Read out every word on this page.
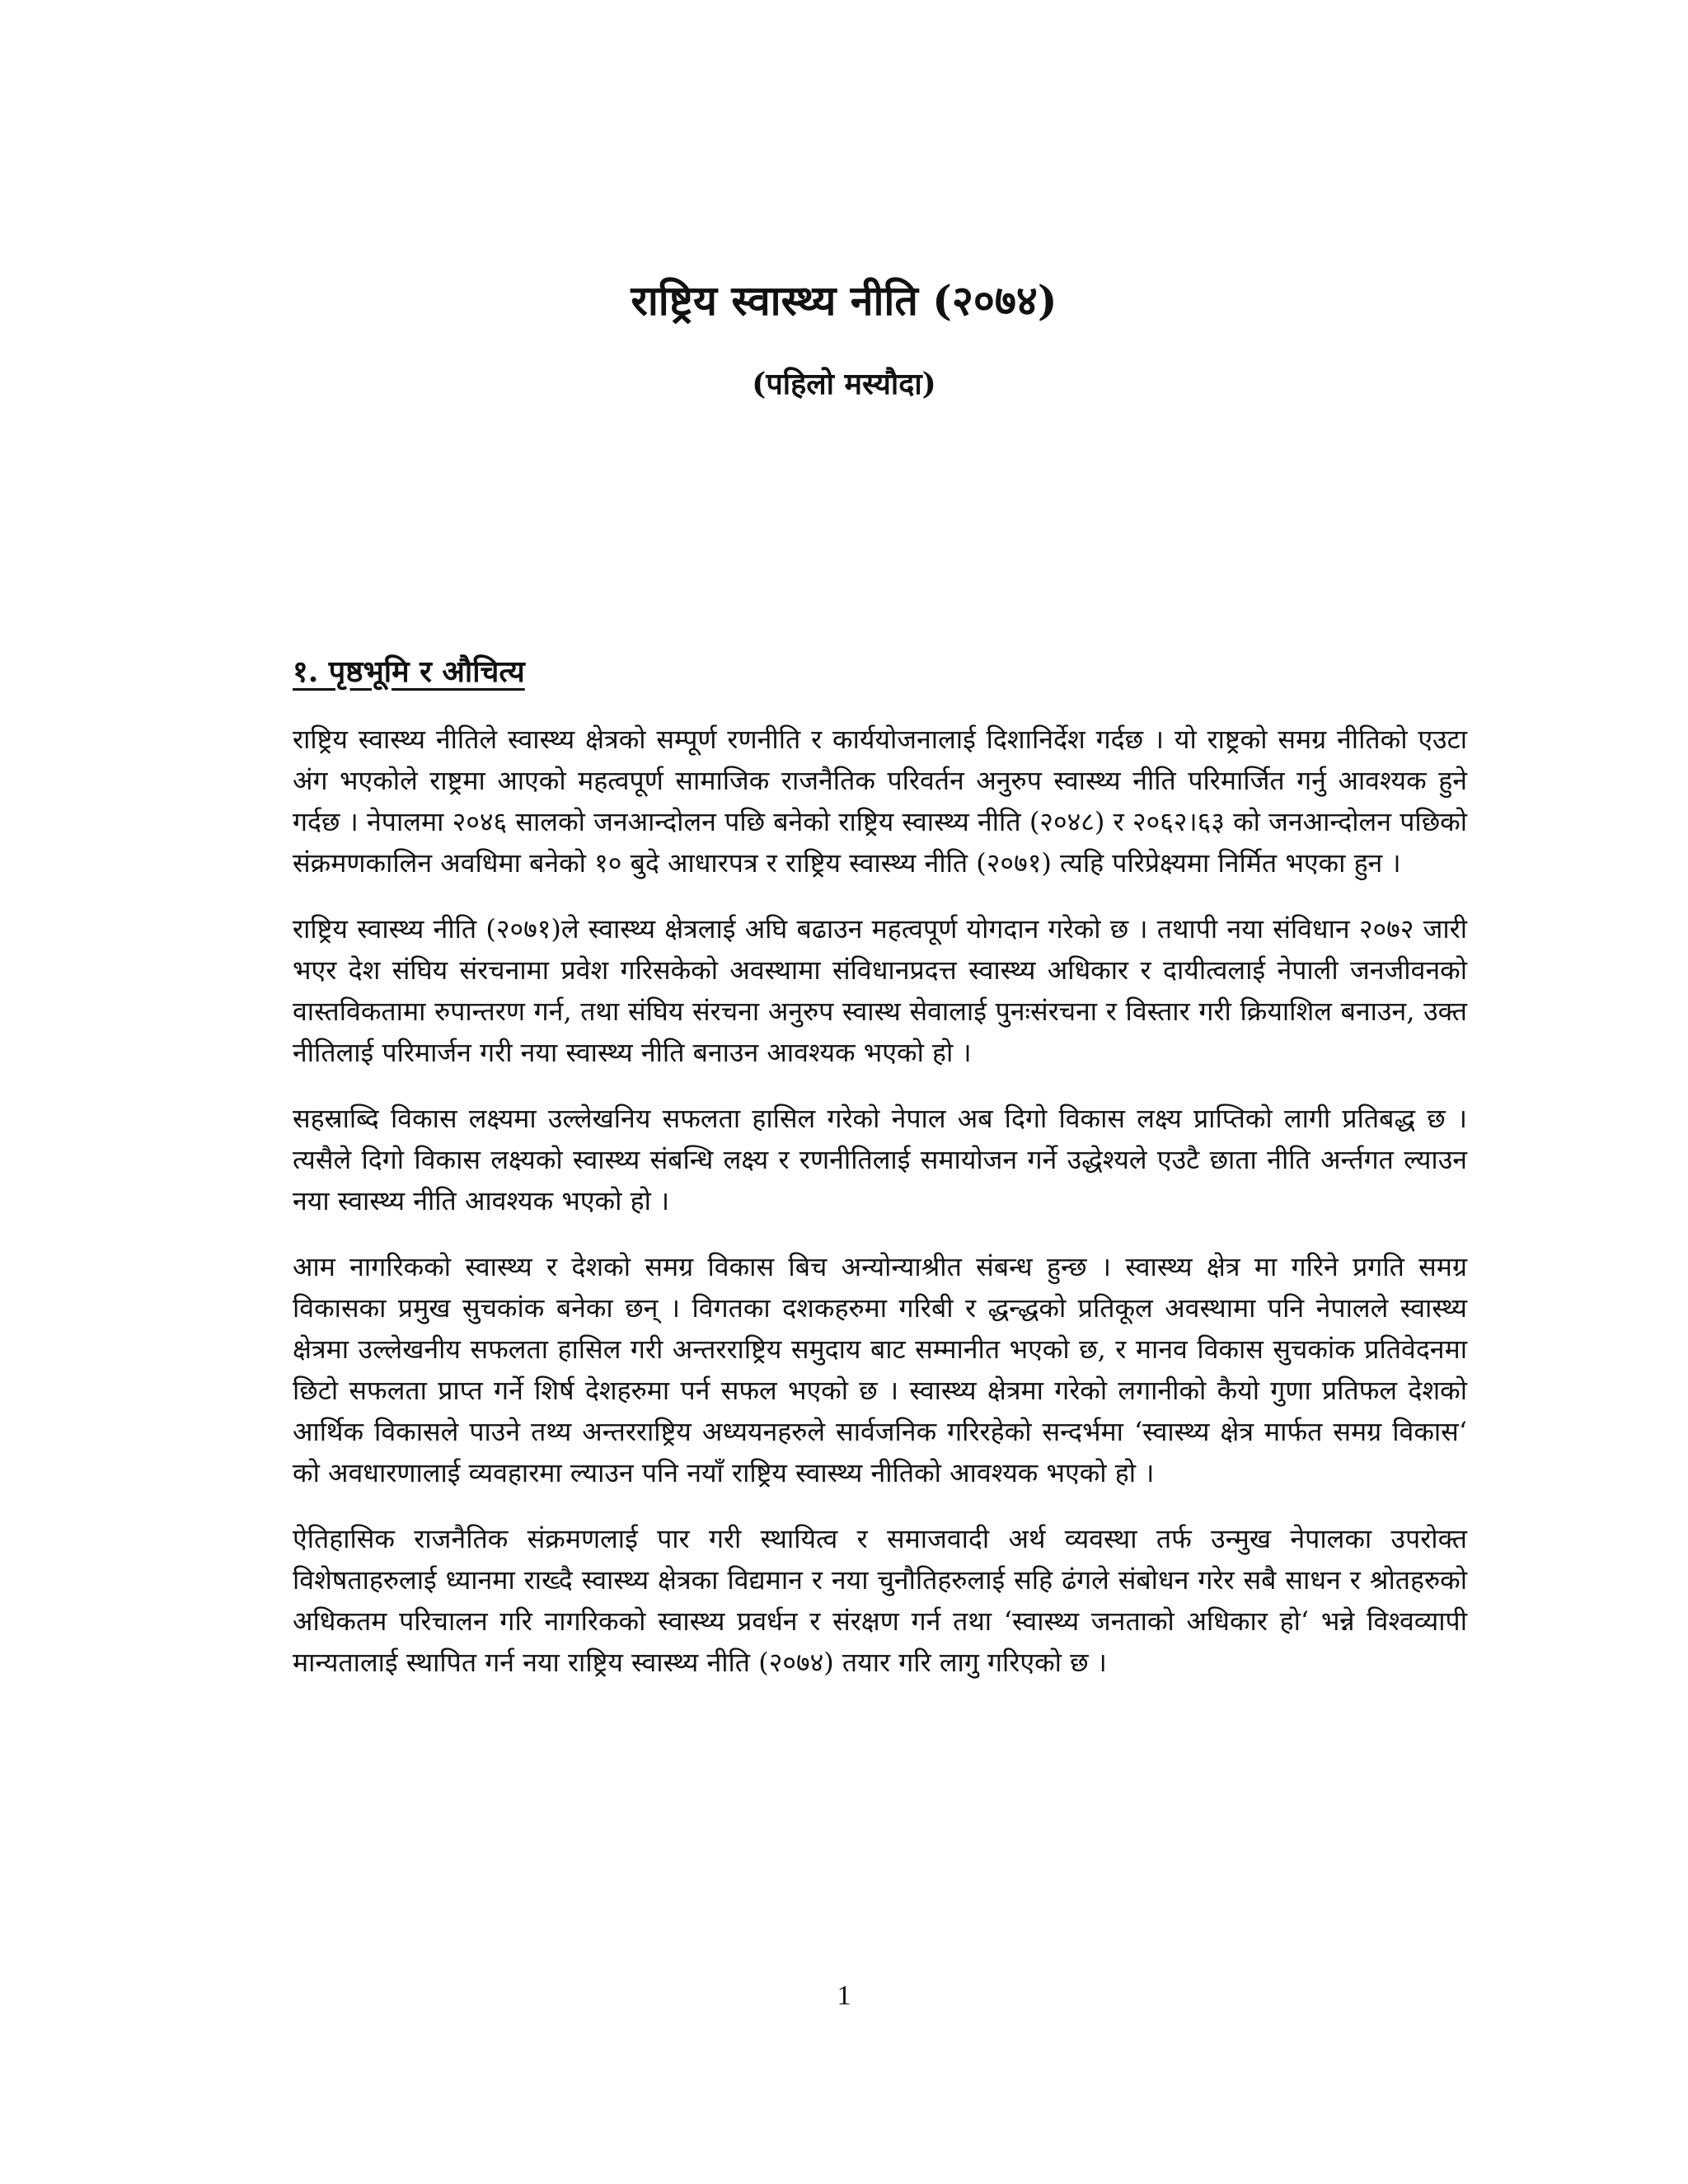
राष्ट्रिय स्वास्थ्य नीति (२०७४)
(पहिलो मस्यौदा)
१. पृष्ठभूमि र औचित्य

राष्ट्रिय स्वास्थ्य नीतिले स्वास्थ्य क्षेत्रको सम्पूर्ण रणनीति र कार्ययोजनालाई दिशानिर्देश गर्दछ । यो राष्ट्रको समग्र नीतिको एउटा अंग भएकोले राष्ट्रमा आएको महत्वपूर्ण सामाजिक राजनैतिक परिवर्तन अनुरुप स्वास्थ्य नीति परिमार्जित गर्नु आवश्यक हुने गर्दछ । नेपालमा २०४६ सालको जनआन्दोलन पछि बनेको राष्ट्रिय स्वास्थ्य नीति (२०४८) र २०६२।६३ को जनआन्दोलन पछिको संक्रमणकालिन अवधिमा बनेको १० बुदे आधारपत्र र राष्ट्रिय स्वास्थ्य नीति (२०७१) त्यहि परिप्रेक्ष्यमा निर्मित भएका हुन ।

राष्ट्रिय स्वास्थ्य नीति (२०७१)ले स्वास्थ्य क्षेत्रलाई अघि बढाउन महत्वपूर्ण योगदान गरेको छ । तथापी नया संविधान २०७२ जारी भएर देश संघिय संरचनामा प्रवेश गरिसकेको अवस्थामा संविधानप्रदत्त स्वास्थ्य अधिकार र दायीत्वलाई नेपाली जनजीवनको वास्तविकतामा रुपान्तरण गर्न, तथा संघिय संरचना अनुरुप स्वास्थ सेवालाई पुनःसंरचना र विस्तार गरी क्रियाशिल बनाउन, उक्त नीतिलाई परिमार्जन गरी नया स्वास्थ्य नीति बनाउन आवश्यक भएको हो ।

सहस्राब्दि विकास लक्ष्यमा उल्लेखनिय सफलता हासिल गरेको नेपाल अब दिगो विकास लक्ष्य प्राप्तिको लागी प्रतिबद्ध छ । त्यसैले दिगो विकास लक्ष्यको स्वास्थ्य संबन्धि लक्ष्य र रणनीतिलाई समायोजन गर्ने उद्धेश्यले एउटै छाता नीति अर्न्तगत ल्याउन नया स्वास्थ्य नीति आवश्यक भएको हो ।

आम नागरिकको स्वास्थ्य र देशको समग्र विकास बिच अन्योन्याश्रीत संबन्ध हुन्छ । स्वास्थ्य क्षेत्र मा गरिने प्रगति समग्र विकासका प्रमुख सुचकांक बनेका छन् । विगतका दशकहरुमा गरिबी र द्धन्द्धको प्रतिकूल अवस्थामा पनि नेपालले स्वास्थ्य क्षेत्रमा उल्लेखनीय सफलता हासिल गरी अन्तरराष्ट्रिय समुदाय बाट सम्मानीत भएको छ, र मानव विकास सुचकांक प्रतिवेदनमा छिटो सफलता प्राप्त गर्ने शिर्ष देशहरुमा पर्न सफल भएको छ । स्वास्थ्य क्षेत्रमा गरेको लगानीको कैयो गुणा प्रतिफल देशको आर्थिक विकासले पाउने तथ्य अन्तरराष्ट्रिय अध्ययनहरुले सार्वजनिक गरिरहेको सन्दर्भमा ‘स्वास्थ्य क्षेत्र मार्फत समग्र विकास‘ को अवधारणालाई व्यवहारमा ल्याउन पनि नयाँ राष्ट्रिय स्वास्थ्य नीतिको आवश्यक भएको हो ।

ऐतिहासिक राजनैतिक संक्रमणलाई पार गरी स्थायित्व र समाजवादी अर्थ व्यवस्था तर्फ उन्मुख नेपालका उपरोक्त विशेषताहरुलाई ध्यानमा राख्दै स्वास्थ्य क्षेत्रका विद्यमान र नया चुनौतिहरुलाई सहि ढंगले संबोधन गरेर सबै साधन र श्रोतहरुको अधिकतम परिचालन गरि नागरिकको स्वास्थ्य प्रवर्धन र संरक्षण गर्न तथा ‘स्वास्थ्य जनताको अधिकार हो‘ भन्ने विश्वव्यापी मान्यतालाई स्थापित गर्न नया राष्ट्रिय स्वास्थ्य नीति (२०७४) तयार गरि लागु गरिएको छ ।

1
